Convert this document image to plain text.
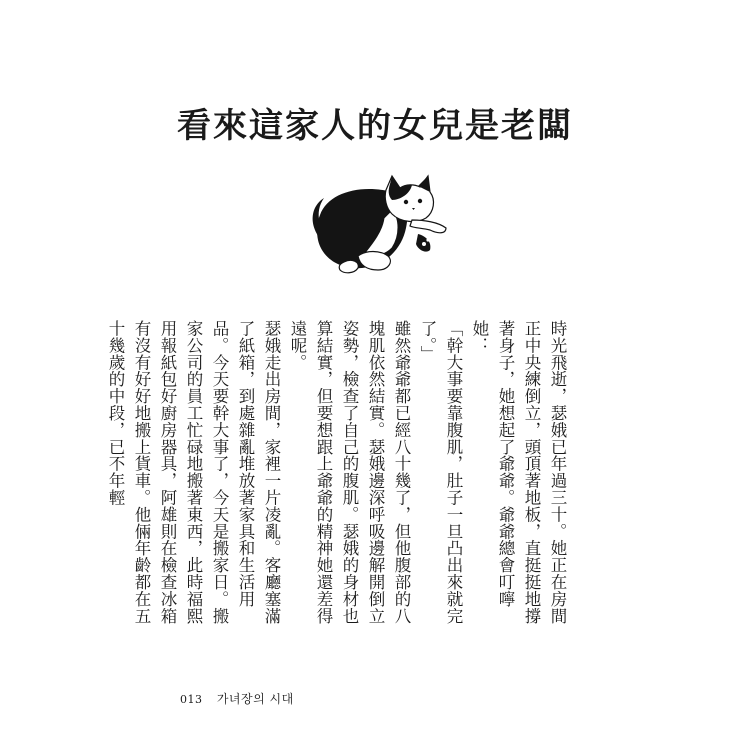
看來這家人的女兒是老闆

時光飛逝，瑟娥已年過三十。她正在房間正中央練倒立，頭頂著地板，直挺挺地撐著身子，她想起了爺爺。爺爺總會叮嚀她：

「幹大事要靠腹肌，肚子一旦凸出來就完了。」

雖然爺爺都已經八十幾了，但他腹部的八塊肌依然結實。瑟娥邊深呼吸邊解開倒立姿勢，檢查了自己的腹肌。瑟娥的身材也算結實，但要想跟上爺爺的精神她還差得遠呢。

瑟娥走出房間，家裡一片凌亂。客廳塞滿了紙箱，到處雜亂堆放著家具和生活用品。今天要幹大事了，今天是搬家日。搬家公司的員工忙碌地搬著東西，此時福熙用報紙包好廚房器具，阿雄則在檢查冰箱有沒有好好地搬上貨車。他倆年齡都在五十幾歲的中段，已不年輕

013 가녀장의 시대
